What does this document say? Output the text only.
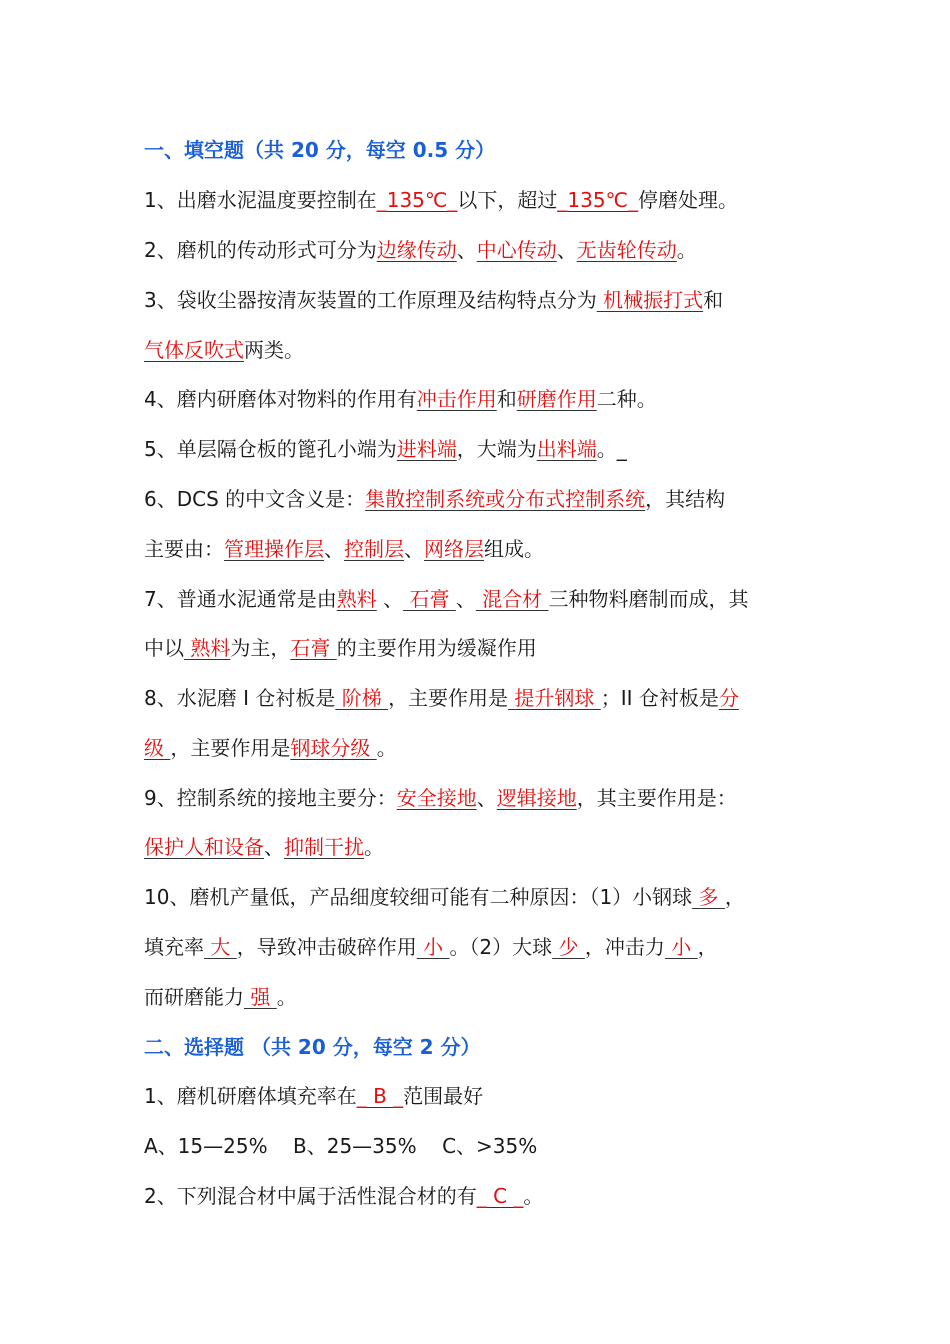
一、填空题（共 20 分，每空 0.5 分）
1、出磨水泥温度要控制在_135℃_以下，超过_135℃_停磨处理。
2、磨机的传动形式可分为边缘传动、中心传动、无齿轮传动。
3、袋收尘器按清灰装置的工作原理及结构特点分为 机械振打式和
气体反吹式两类。
4、磨内研磨体对物料的作用有冲击作用和研磨作用二种。
5、单层隔仓板的篦孔小端为进料端，大端为出料端。_
6、DCS 的中文含义是：集散控制系统或分布式控制系统，其结构
主要由：管理操作层、控制层、网络层组成。
7、普通水泥通常是由熟料 、 石膏 、 混合材 三种物料磨制而成，其
中以 熟料为主，石膏 的主要作用为缓凝作用
8、水泥磨 I 仓衬板是 阶梯 ，主要作用是 提升钢球 ；II 仓衬板是分
级 ，主要作用是钢球分级 。
9、控制系统的接地主要分：安全接地、逻辑接地，其主要作用是：
保护人和设备、抑制干扰。
10、磨机产量低，产品细度较细可能有二种原因：（1）小钢球 多 ，
填充率 大 ，导致冲击破碎作用 小 。（2）大球 少 ，冲击力 小 ，
而研磨能力 强 。
二、选择题 （共 20 分，每空 2 分）
1、磨机研磨体填充率在_ B _范围最好
A、15—25%    B、25—35%    C、>35%
2、下列混合材中属于活性混合材的有_ C _。
